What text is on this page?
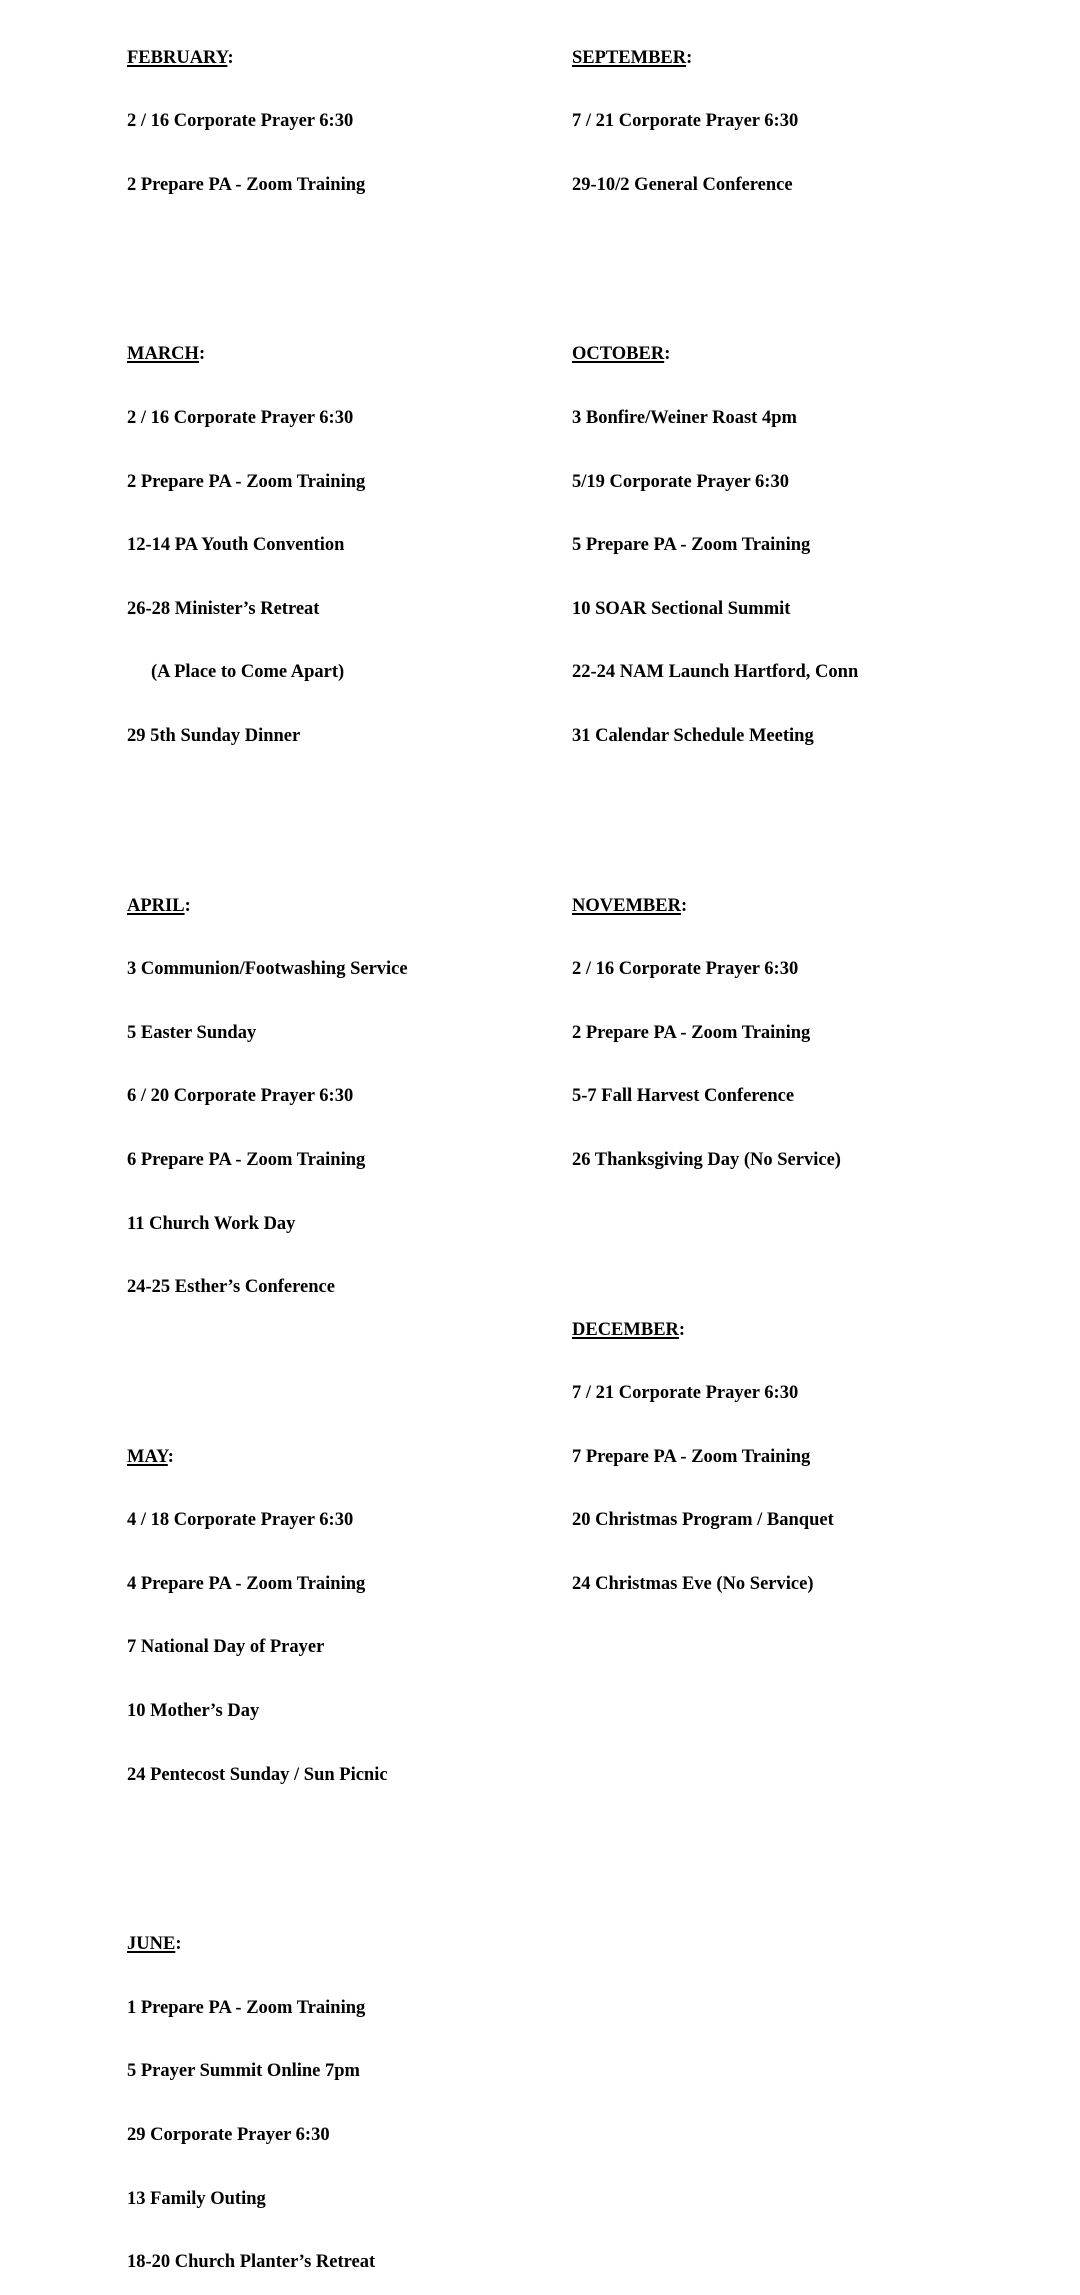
FEBRUARY:

2 / 16 Corporate Prayer 6:30

2 Prepare PA - Zoom Training

MARCH:

2 / 16 Corporate Prayer 6:30

2 Prepare PA - Zoom Training

12-14 PA Youth Convention

26-28 Minister’s Retreat

(A Place to Come Apart)

29 5th Sunday Dinner

APRIL:

3 Communion/Footwashing Service

5 Easter Sunday

6 / 20 Corporate Prayer 6:30

6 Prepare PA - Zoom Training

11 Church Work Day

24-25 Esther’s Conference

MAY:

4 / 18 Corporate Prayer 6:30

4 Prepare PA - Zoom Training

7 National Day of Prayer

10 Mother’s Day

24 Pentecost Sunday / Sun Picnic

JUNE:

1 Prepare PA - Zoom Training

5 Prayer Summit Online 7pm

29 Corporate Prayer 6:30

13 Family Outing

18-20 Church Planter’s Retreat

SEPTEMBER:

7 / 21 Corporate Prayer 6:30

29-10/2 General Conference

OCTOBER:

3 Bonfire/Weiner Roast 4pm

5/19 Corporate Prayer 6:30

5 Prepare PA - Zoom Training

10 SOAR Sectional Summit

22-24 NAM Launch Hartford, Conn

31 Calendar Schedule Meeting

NOVEMBER:

2 / 16 Corporate Prayer 6:30

2 Prepare PA - Zoom Training

5-7 Fall Harvest Conference

26 Thanksgiving Day (No Service)

DECEMBER:

7 / 21 Corporate Prayer 6:30

7 Prepare PA - Zoom Training

20 Christmas Program / Banquet

24 Christmas Eve (No Service)
